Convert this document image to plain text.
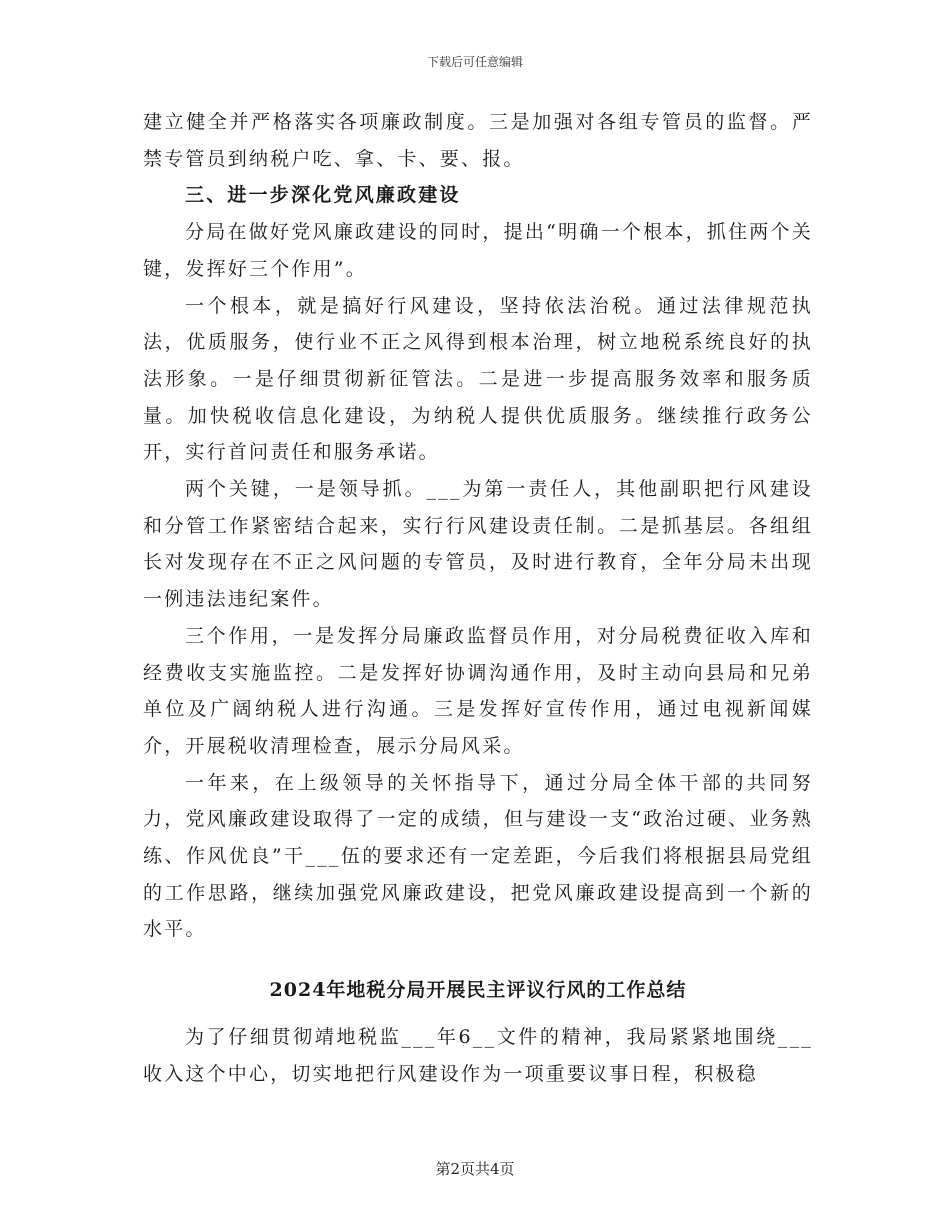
下载后可任意编辑

建立健全并严格落实各项廉政制度。三是加强对各组专管员的监督。严禁专管员到纳税户吃、拿、卡、要、报。

三、进一步深化党风廉政建设

分局在做好党风廉政建设的同时，提出“明确一个根本，抓住两个关键，发挥好三个作用”。

一个根本，就是搞好行风建设，坚持依法治税。通过法律规范执法，优质服务，使行业不正之风得到根本治理，树立地税系统良好的执法形象。一是仔细贯彻新征管法。二是进一步提高服务效率和服务质量。加快税收信息化建设，为纳税人提供优质服务。继续推行政务公开，实行首问责任和服务承诺。

两个关键，一是领导抓。___为第一责任人，其他副职把行风建设和分管工作紧密结合起来，实行行风建设责任制。二是抓基层。各组组长对发现存在不正之风问题的专管员，及时进行教育，全年分局未出现一例违法违纪案件。

三个作用，一是发挥分局廉政监督员作用，对分局税费征收入库和经费收支实施监控。二是发挥好协调沟通作用，及时主动向县局和兄弟单位及广阔纳税人进行沟通。三是发挥好宣传作用，通过电视新闻媒介，开展税收清理检查，展示分局风采。

一年来，在上级领导的关怀指导下，通过分局全体干部的共同努力，党风廉政建设取得了一定的成绩，但与建设一支“政治过硬、业务熟练、作风优良”干___伍的要求还有一定差距，今后我们将根据县局党组的工作思路，继续加强党风廉政建设，把党风廉政建设提高到一个新的水平。

2024年地税分局开展民主评议行风的工作总结

为了仔细贯彻靖地税监___年6__文件的精神，我局紧紧地围绕___收入这个中心，切实地把行风建设作为一项重要议事日程，积极稳

第2页共4页
